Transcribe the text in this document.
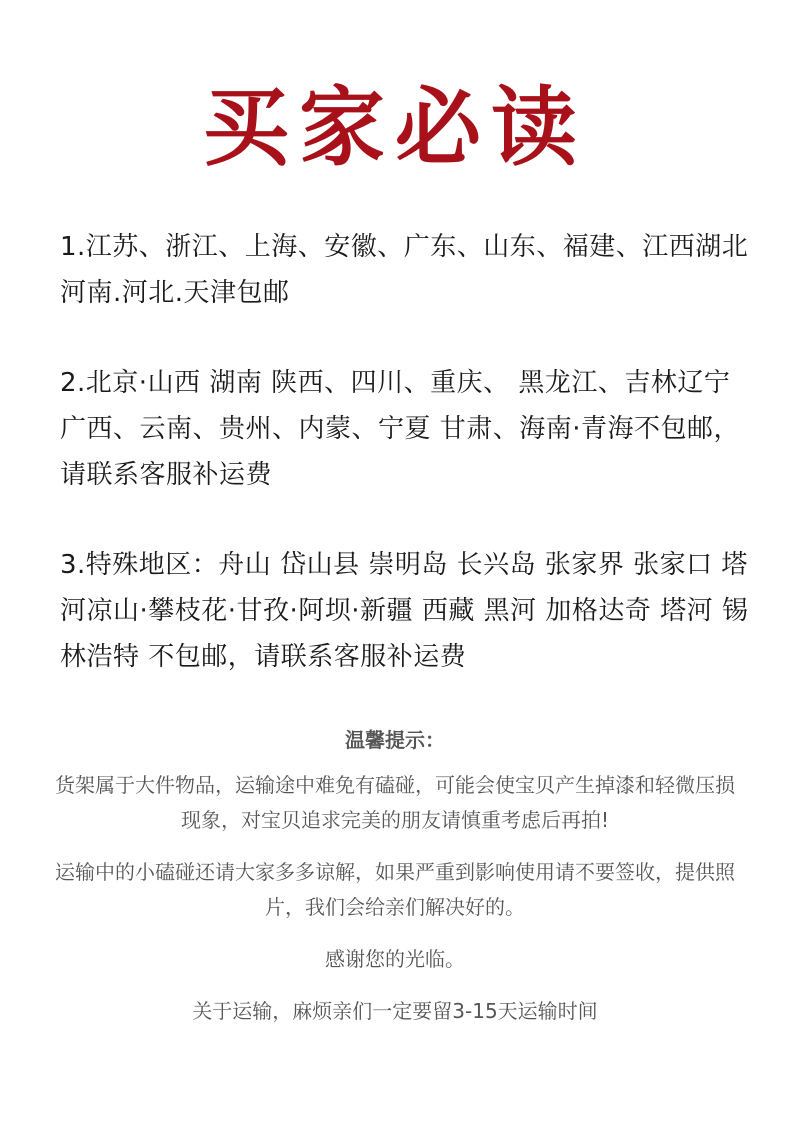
买家必读

1.江苏、浙江、上海、安徽、广东、山东、福建、江西湖北 河南.河北.天津包邮

2.北京·山西 湖南 陕西、四川、重庆、 黑龙江、吉林辽宁 广西、云南、贵州、内蒙、宁夏 甘肃、海南·青海不包邮，请联系客服补运费

3.特殊地区：舟山 岱山县 崇明岛 长兴岛 张家界 张家口 塔河凉山·攀枝花·甘孜·阿坝·新疆 西藏 黑河 加格达奇 塔河 锡林浩特 不包邮，请联系客服补运费

温馨提示：

货架属于大件物品，运输途中难免有磕碰，可能会使宝贝产生掉漆和轻微压损现象，对宝贝追求完美的朋友请慎重考虑后再拍!

运输中的小磕碰还请大家多多谅解，如果严重到影响使用请不要签收，提供照片，我们会给亲们解决好的。

感谢您的光临。

关于运输，麻烦亲们一定要留3-15天运输时间
